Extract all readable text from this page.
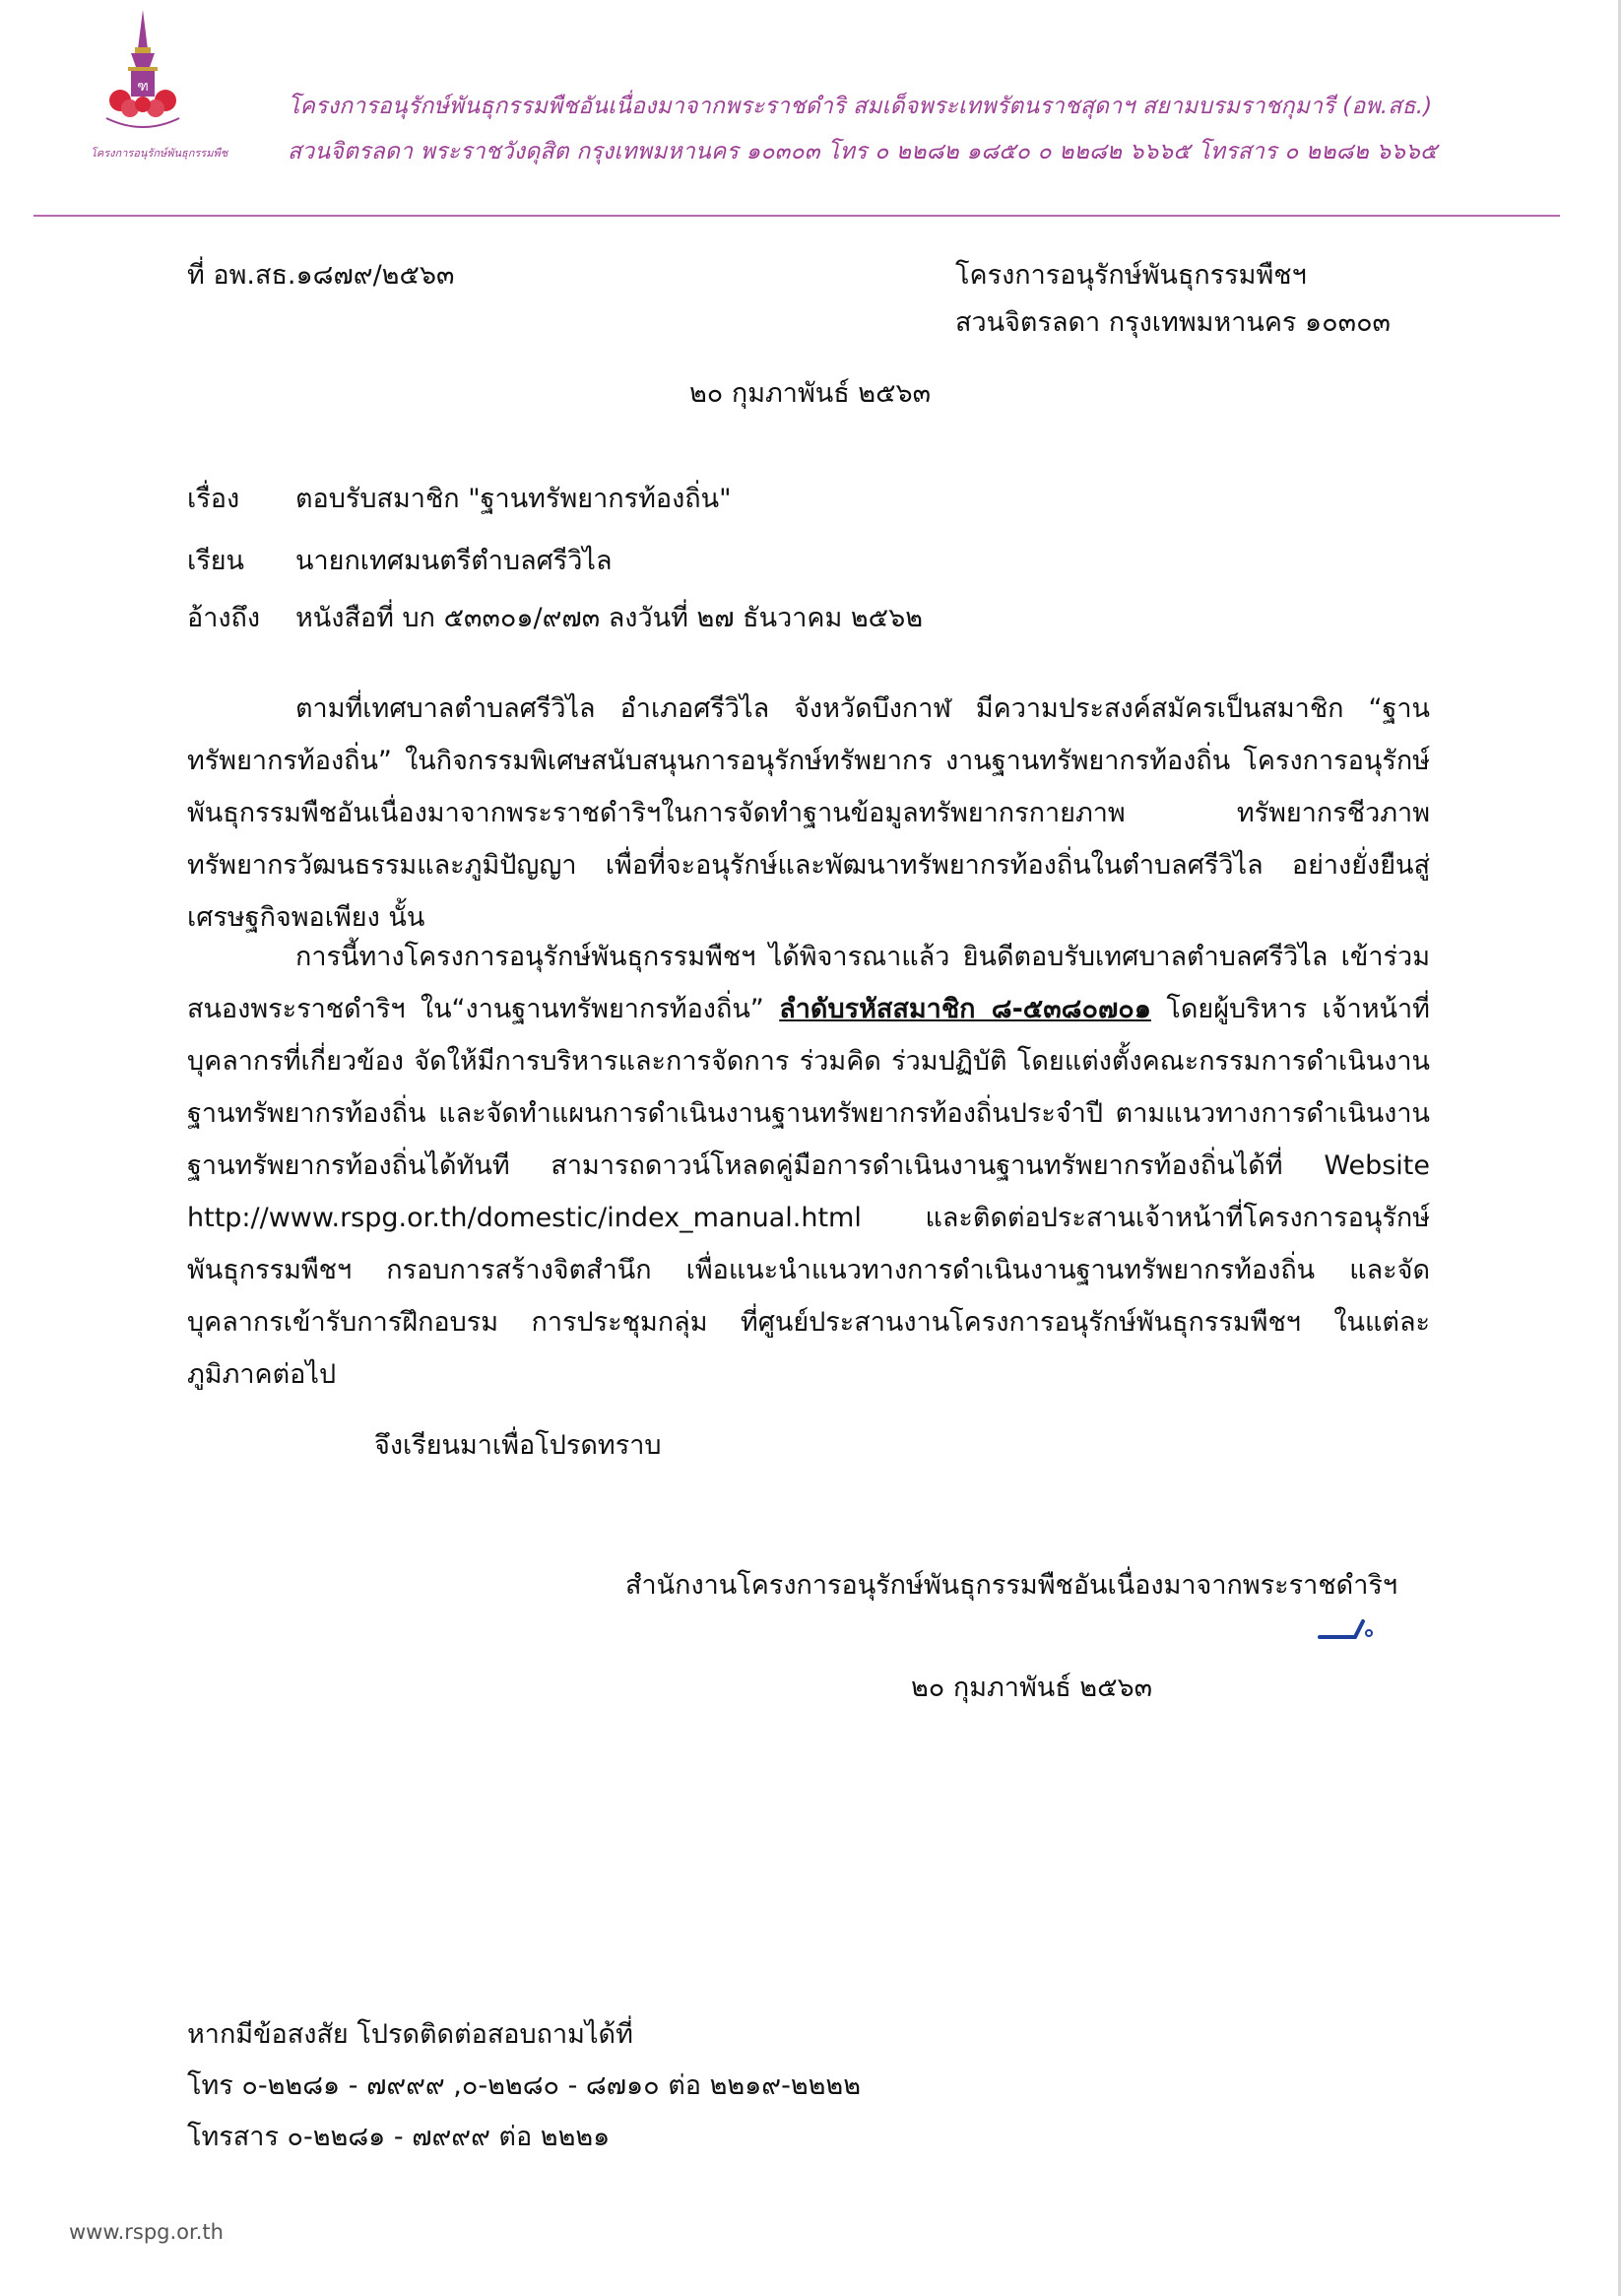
ฑ
โครงการอนุรักษ์พันธุกรรมพืช
โครงการอนุรักษ์พันธุกรรมพืชอันเนื่องมาจากพระราชดำริ สมเด็จพระเทพรัตนราชสุดาฯ สยามบรมราชกุมารี (อพ.สธ.)
สวนจิตรลดา พระราชวังดุสิต กรุงเทพมหานคร ๑๐๓๐๓ โทร ๐ ๒๒๘๒ ๑๘๕๐ ๐ ๒๒๘๒ ๖๖๖๕ โทรสาร ๐ ๒๒๘๒ ๖๖๖๕
ที่ อพ.สธ.๑๘๗๙/๒๕๖๓	โครงการอนุรักษ์พันธุกรรมพืชฯ
สวนจิตรลดา กรุงเทพมหานคร ๑๐๓๐๓
๒๐ กุมภาพันธ์ ๒๕๖๓
เรื่อง	ตอบรับสมาชิก "ฐานทรัพยากรท้องถิ่น"
เรียน	นายกเทศมนตรีตำบลศรีวิไล
อ้างถึง	หนังสือที่ บก ๕๓๓๐๑/๙๗๓ ลงวันที่ ๒๗ ธันวาคม ๒๕๖๒
ตามที่เทศบาลตำบลศรีวิไล อำเภอศรีวิไล จังหวัดบึงกาฬ มีความประสงค์สมัครเป็นสมาชิก “ฐาน
ทรัพยากรท้องถิ่น” ในกิจกรรมพิเศษสนับสนุนการอนุรักษ์ทรัพยากร งานฐานทรัพยากรท้องถิ่น โครงการอนุรักษ์
พันธุกรรมพืชอันเนื่องมาจากพระราชดำริฯในการจัดทำฐานข้อมูลทรัพยากรกายภาพ ทรัพยากรชีวภาพ
ทรัพยากรวัฒนธรรมและภูมิปัญญา เพื่อที่จะอนุรักษ์และพัฒนาทรัพยากรท้องถิ่นในตำบลศรีวิไล อย่างยั่งยืนสู่
เศรษฐกิจพอเพียง นั้น
การนี้ทางโครงการอนุรักษ์พันธุกรรมพืชฯ ได้พิจารณาแล้ว ยินดีตอบรับเทศบาลตำบลศรีวิไล เข้าร่วม
สนองพระราชดำริฯ ใน“งานฐานทรัพยากรท้องถิ่น” ลำดับรหัสสมาชิก ๘-๕๓๘๐๗๐๑ โดยผู้บริหาร เจ้าหน้าที่
บุคลากรที่เกี่ยวข้อง จัดให้มีการบริหารและการจัดการ ร่วมคิด ร่วมปฏิบัติ โดยแต่งตั้งคณะกรรมการดำเนินงาน
ฐานทรัพยากรท้องถิ่น และจัดทำแผนการดำเนินงานฐานทรัพยากรท้องถิ่นประจำปี ตามแนวทางการดำเนินงาน
ฐานทรัพยากรท้องถิ่นได้ทันที สามารถดาวน์โหลดคู่มือการดำเนินงานฐานทรัพยากรท้องถิ่นได้ที่ Website
http://www.rspg.or.th/domestic/index_manual.html และติดต่อประสานเจ้าหน้าที่โครงการอนุรักษ์
พันธุกรรมพืชฯ กรอบการสร้างจิตสำนึก เพื่อแนะนำแนวทางการดำเนินงานฐานทรัพยากรท้องถิ่น และจัด
บุคลากรเข้ารับการฝึกอบรม การประชุมกลุ่ม ที่ศูนย์ประสานงานโครงการอนุรักษ์พันธุกรรมพืชฯ ในแต่ละ
ภูมิภาคต่อไป
จึงเรียนมาเพื่อโปรดทราบ
สำนักงานโครงการอนุรักษ์พันธุกรรมพืชอันเนื่องมาจากพระราชดำริฯ
๒๐ กุมภาพันธ์ ๒๕๖๓
หากมีข้อสงสัย โปรดติดต่อสอบถามได้ที่
โทร ๐-๒๒๘๑ - ๗๙๙๙ ,๐-๒๒๘๐ - ๘๗๑๐ ต่อ ๒๒๑๙-๒๒๒๒
โทรสาร ๐-๒๒๘๑ - ๗๙๙๙ ต่อ ๒๒๒๑
www.rspg.or.th
